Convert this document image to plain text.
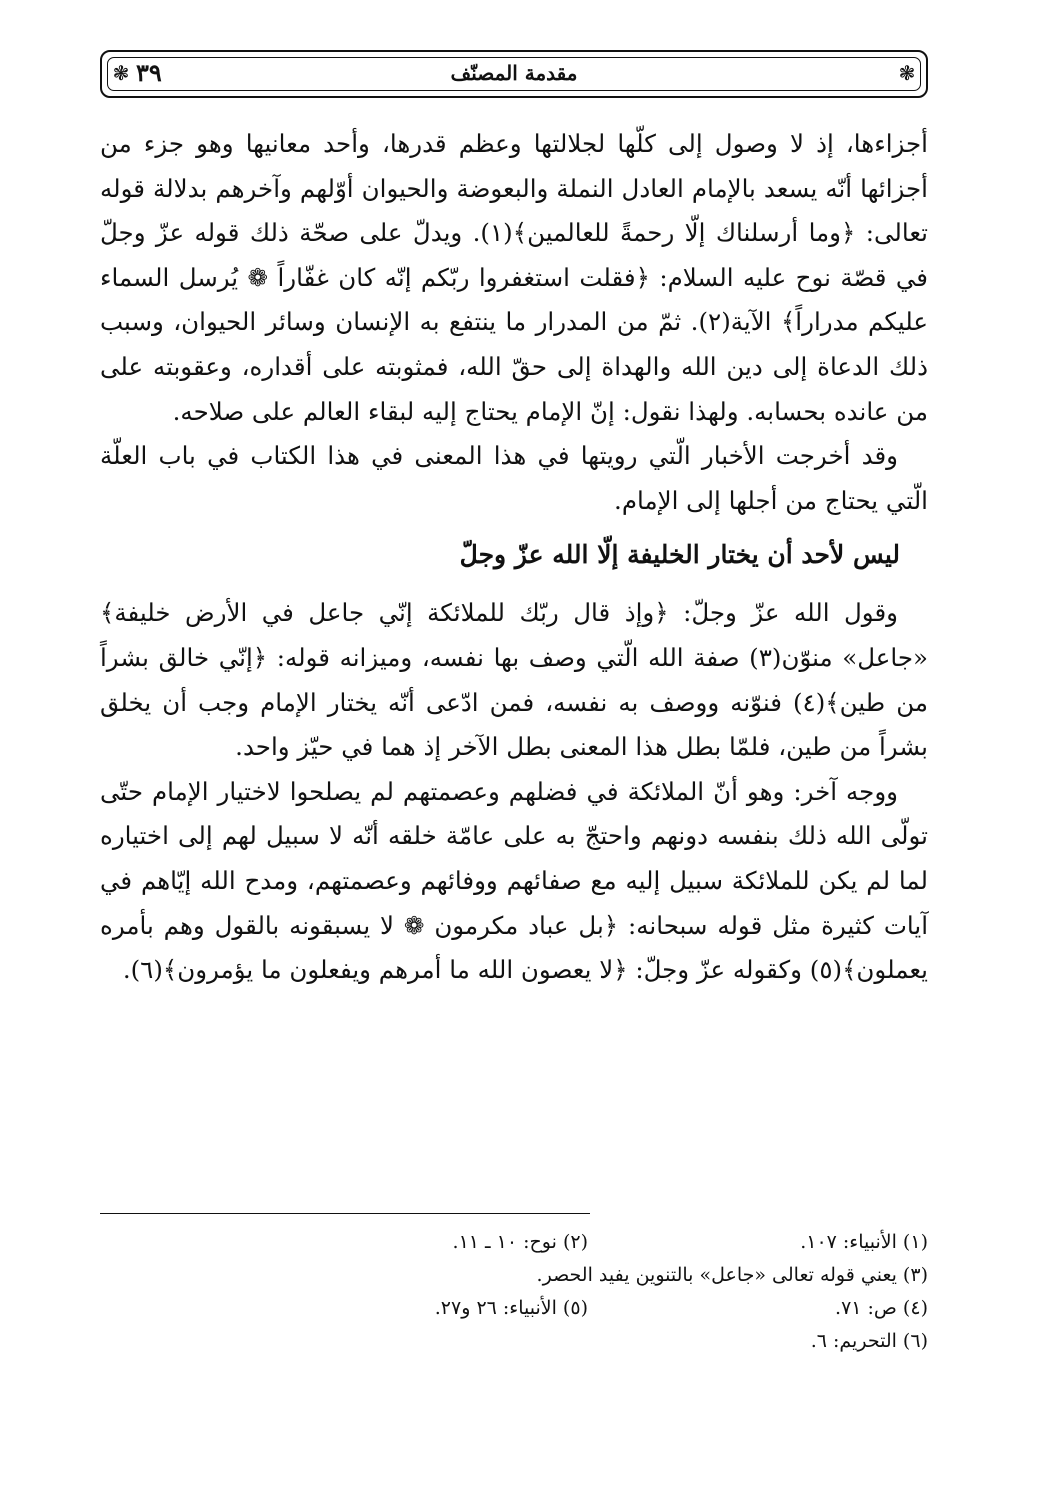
❃ ٣٩	مقدمة المصنّف	❃

أجزاءها، إذ لا وصول إلى كلّها لجلالتها وعظم قدرها، وأحد معانيها وهو جزء من أجزائها أنّه يسعد بالإمام العادل النملة والبعوضة والحيوان أوّلهم وآخرهم بدلالة قوله تعالى: ﴿وما أرسلناك إلّا رحمةً للعالمين﴾(١). ويدلّ على صحّة ذلك قوله عزّ وجلّ في قصّة نوح عليه السلام: ﴿فقلت استغفروا ربّكم إنّه كان غفّاراً ❁ يُرسل السماء عليكم مدراراً﴾ الآية(٢). ثمّ من المدرار ما ينتفع به الإنسان وسائر الحيوان، وسبب ذلك الدعاة إلى دين الله والهداة إلى حقّ الله، فمثوبته على أقداره، وعقوبته على من عانده بحسابه. ولهذا نقول: إنّ الإمام يحتاج إليه لبقاء العالم على صلاحه.

وقد أخرجت الأخبار الّتي رويتها في هذا المعنى في هذا الكتاب في باب العلّة الّتي يحتاج من أجلها إلى الإمام.

ليس لأحد أن يختار الخليفة إلّا الله عزّ وجلّ

وقول الله عزّ وجلّ: ﴿وإذ قال ربّك للملائكة إنّي جاعل في الأرض خليفة﴾ «جاعل» منوّن(٣) صفة الله الّتي وصف بها نفسه، وميزانه قوله: ﴿إنّي خالق بشراً من طين﴾(٤) فنوّنه ووصف به نفسه، فمن ادّعى أنّه يختار الإمام وجب أن يخلق بشراً من طين، فلمّا بطل هذا المعنى بطل الآخر إذ هما في حيّز واحد.

ووجه آخر: وهو أنّ الملائكة في فضلهم وعصمتهم لم يصلحوا لاختيار الإمام حتّى تولّى الله ذلك بنفسه دونهم واحتجّ به على عامّة خلقه أنّه لا سبيل لهم إلى اختياره لما لم يكن للملائكة سبيل إليه مع صفائهم ووفائهم وعصمتهم، ومدح الله إيّاهم في آيات كثيرة مثل قوله سبحانه: ﴿بل عباد مكرمون ❁ لا يسبقونه بالقول وهم بأمره يعملون﴾(٥) وكقوله عزّ وجلّ: ﴿لا يعصون الله ما أمرهم ويفعلون ما يؤمرون﴾(٦).

(١) الأنبياء: ١٠٧.
(٢) نوح: ١٠ ـ ١١.
(٣) يعني قوله تعالى «جاعل» بالتنوين يفيد الحصر.
(٤) ص: ٧١.
(٥) الأنبياء: ٢٦ و٢٧.
(٦) التحريم: ٦.
